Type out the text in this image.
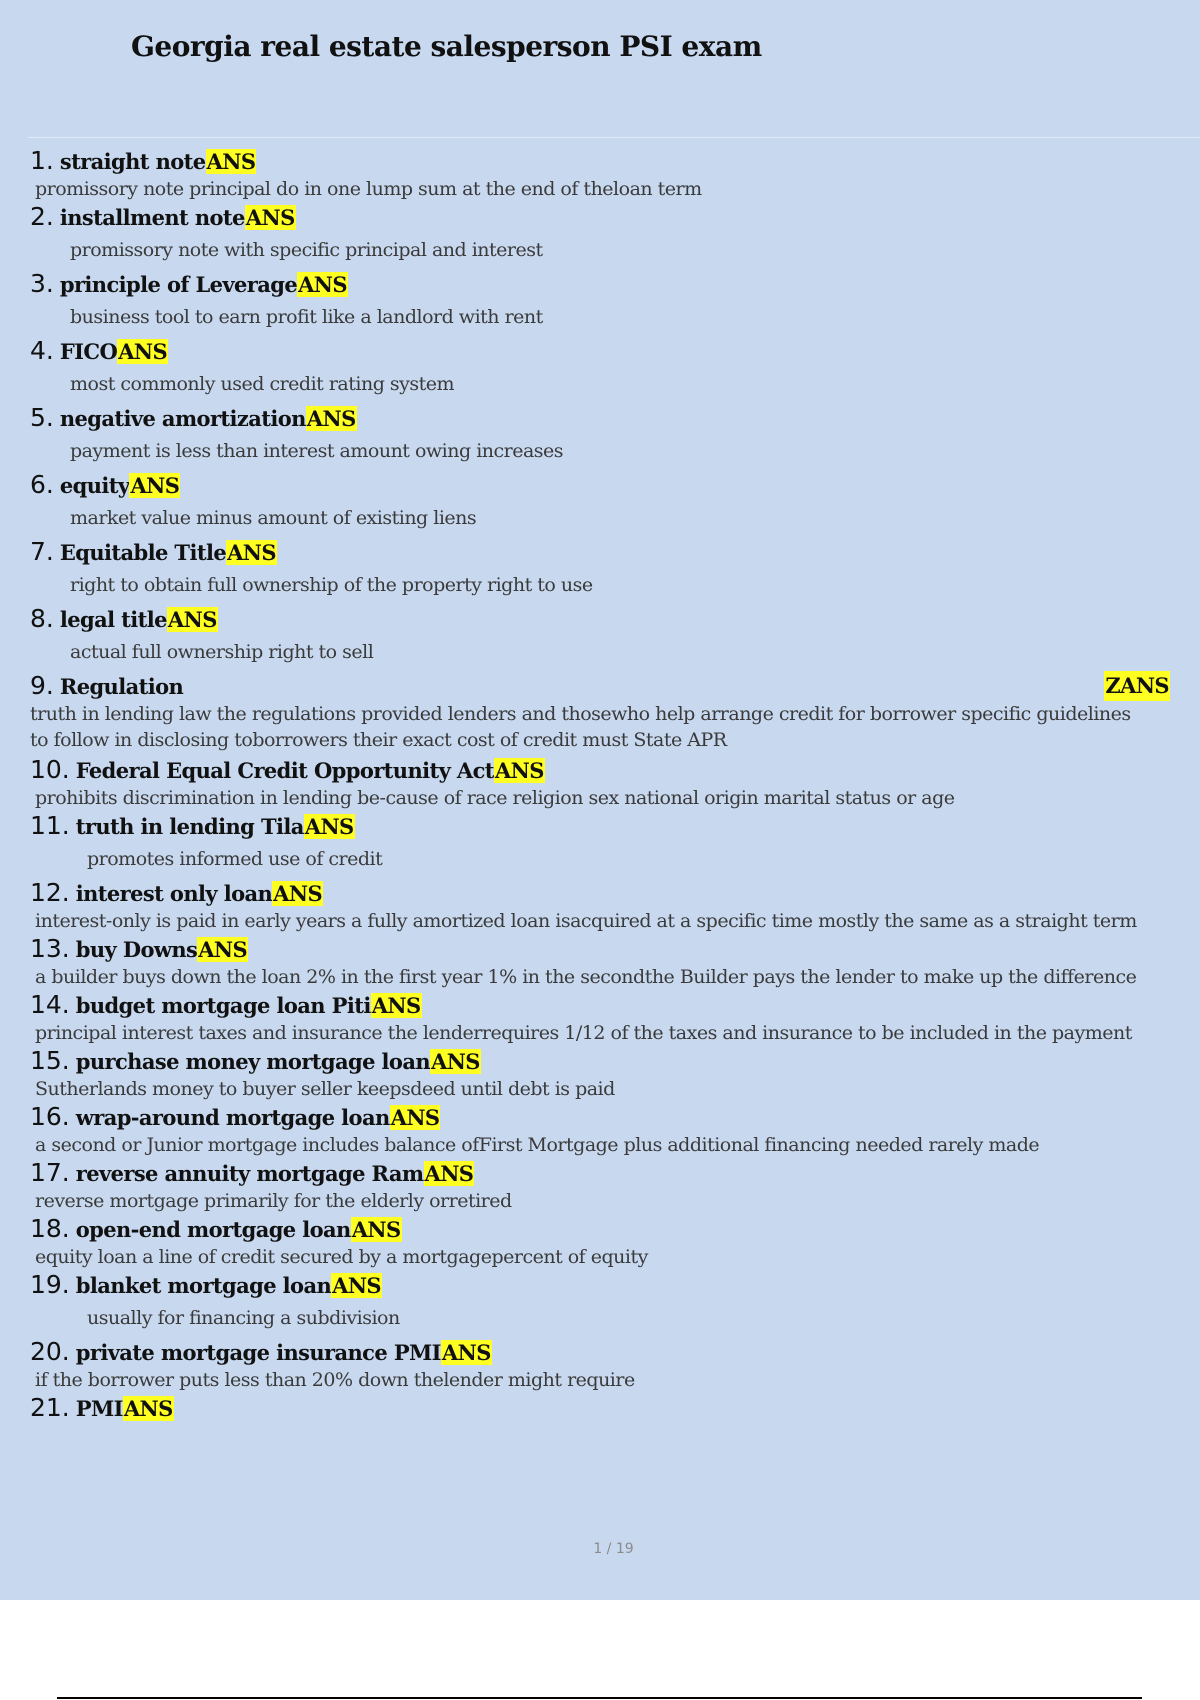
Georgia real estate salesperson PSI exam
1. straight noteANS
promissory note principal do in one lump sum at the end of theloan term
2. installment noteANS
promissory note with specific principal and interest
3. principle of LeverageANS
business tool to earn profit like a landlord with rent
4. FICOANS
most commonly used credit rating system
5. negative amortizationANS
payment is less than interest amount owing increases
6. equityANS
market value minus amount of existing liens
7. Equitable TitleANS
right to obtain full ownership of the property right to use
8. legal titleANS
actual full ownership right to sell
9. Regulation	ZANS
truth in lending law the regulations provided lenders and thosewho help arrange credit for borrower specific guidelines
to follow in disclosing toborrowers their exact cost of credit must State APR
10. Federal Equal Credit Opportunity ActANS
prohibits discrimination in lending be-cause of race religion sex national origin marital status or age
11. truth in lending TilaANS
promotes informed use of credit
12. interest only loanANS
interest-only is paid in early years a fully amortized loan isacquired at a specific time mostly the same as a straight term
13. buy DownsANS
a builder buys down the loan 2% in the first year 1% in the secondthe Builder pays the lender to make up the difference
14. budget mortgage loan PitiANS
principal interest taxes and insurance the lenderrequires 1/12 of the taxes and insurance to be included in the payment
15. purchase money mortgage loanANS
Sutherlands money to buyer seller keepsdeed until debt is paid
16. wrap-around mortgage loanANS
a second or Junior mortgage includes balance ofFirst Mortgage plus additional financing needed rarely made
17. reverse annuity mortgage RamANS
reverse mortgage primarily for the elderly orretired
18. open-end mortgage loanANS
equity loan a line of credit secured by a mortgagepercent of equity
19. blanket mortgage loanANS
usually for financing a subdivision
20. private mortgage insurance PMIANS
if the borrower puts less than 20% down thelender might require
21. PMIANS
1 / 19
